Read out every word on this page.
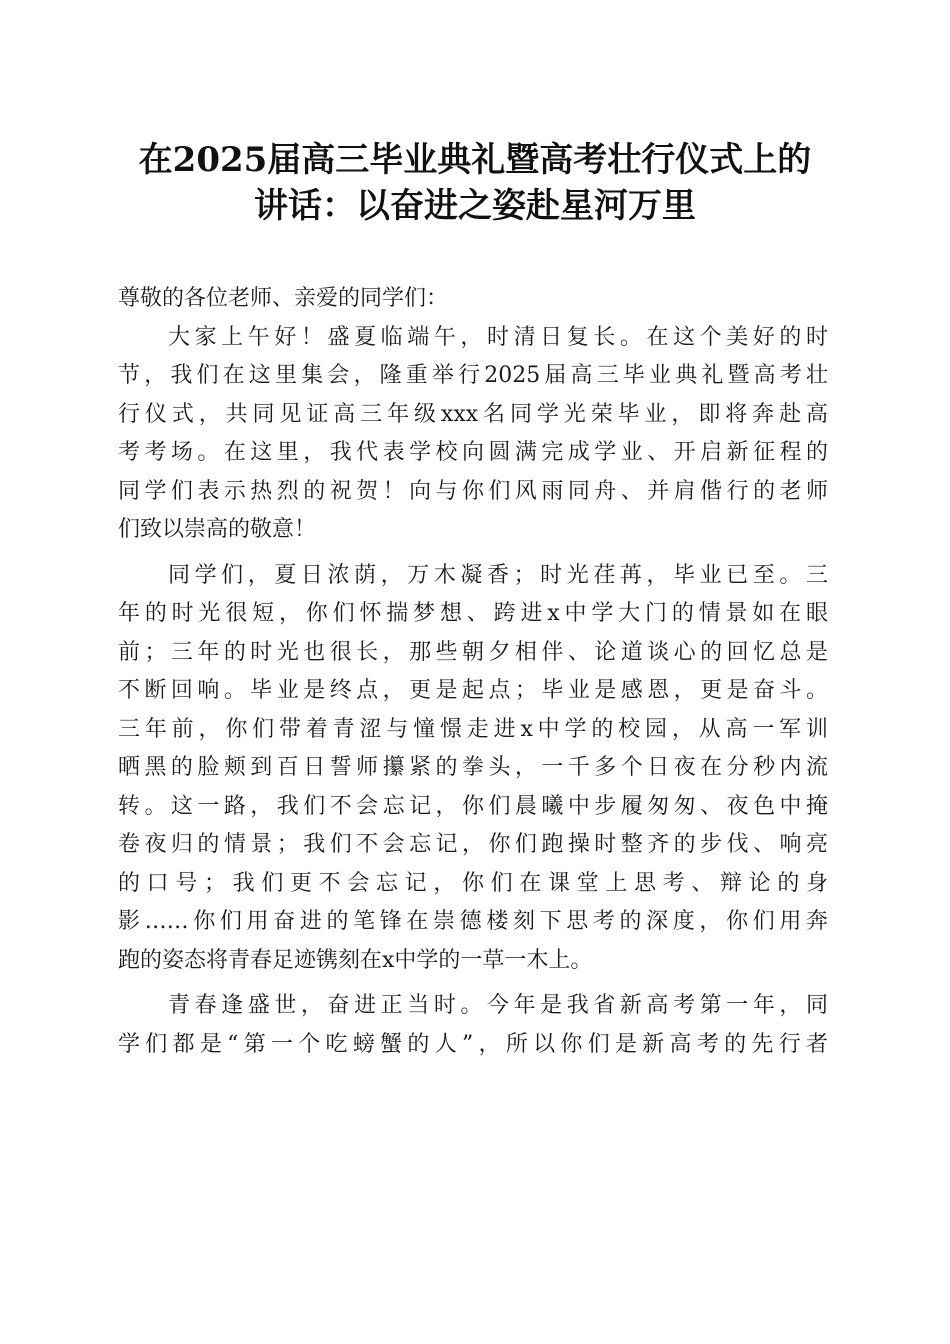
在2025届高三毕业典礼暨高考壮行仪式上的
讲话：以奋进之姿赴星河万里
尊敬的各位老师、亲爱的同学们：
大家上午好！盛夏临端午，时清日复长。在这个美好的时
节，我们在这里集会，隆重举行2025届高三毕业典礼暨高考壮
行仪式，共同见证高三年级xxx名同学光荣毕业，即将奔赴高
考考场。在这里，我代表学校向圆满完成学业、开启新征程的
同学们表示热烈的祝贺！向与你们风雨同舟、并肩偕行的老师
们致以崇高的敬意！
同学们，夏日浓荫，万木凝香；时光荏苒，毕业已至。三
年的时光很短，你们怀揣梦想、跨进x中学大门的情景如在眼
前；三年的时光也很长，那些朝夕相伴、论道谈心的回忆总是
不断回响。毕业是终点，更是起点；毕业是感恩，更是奋斗。
三年前，你们带着青涩与憧憬走进x中学的校园，从高一军训
晒黑的脸颊到百日誓师攥紧的拳头，一千多个日夜在分秒内流
转。这一路，我们不会忘记，你们晨曦中步履匆匆、夜色中掩
卷夜归的情景；我们不会忘记，你们跑操时整齐的步伐、响亮
的口号；我们更不会忘记，你们在课堂上思考、辩论的身
影……你们用奋进的笔锋在崇德楼刻下思考的深度，你们用奔
跑的姿态将青春足迹镌刻在x中学的一草一木上。
青春逢盛世，奋进正当时。今年是我省新高考第一年，同
学们都是“第一个吃螃蟹的人”，所以你们是新高考的先行者
